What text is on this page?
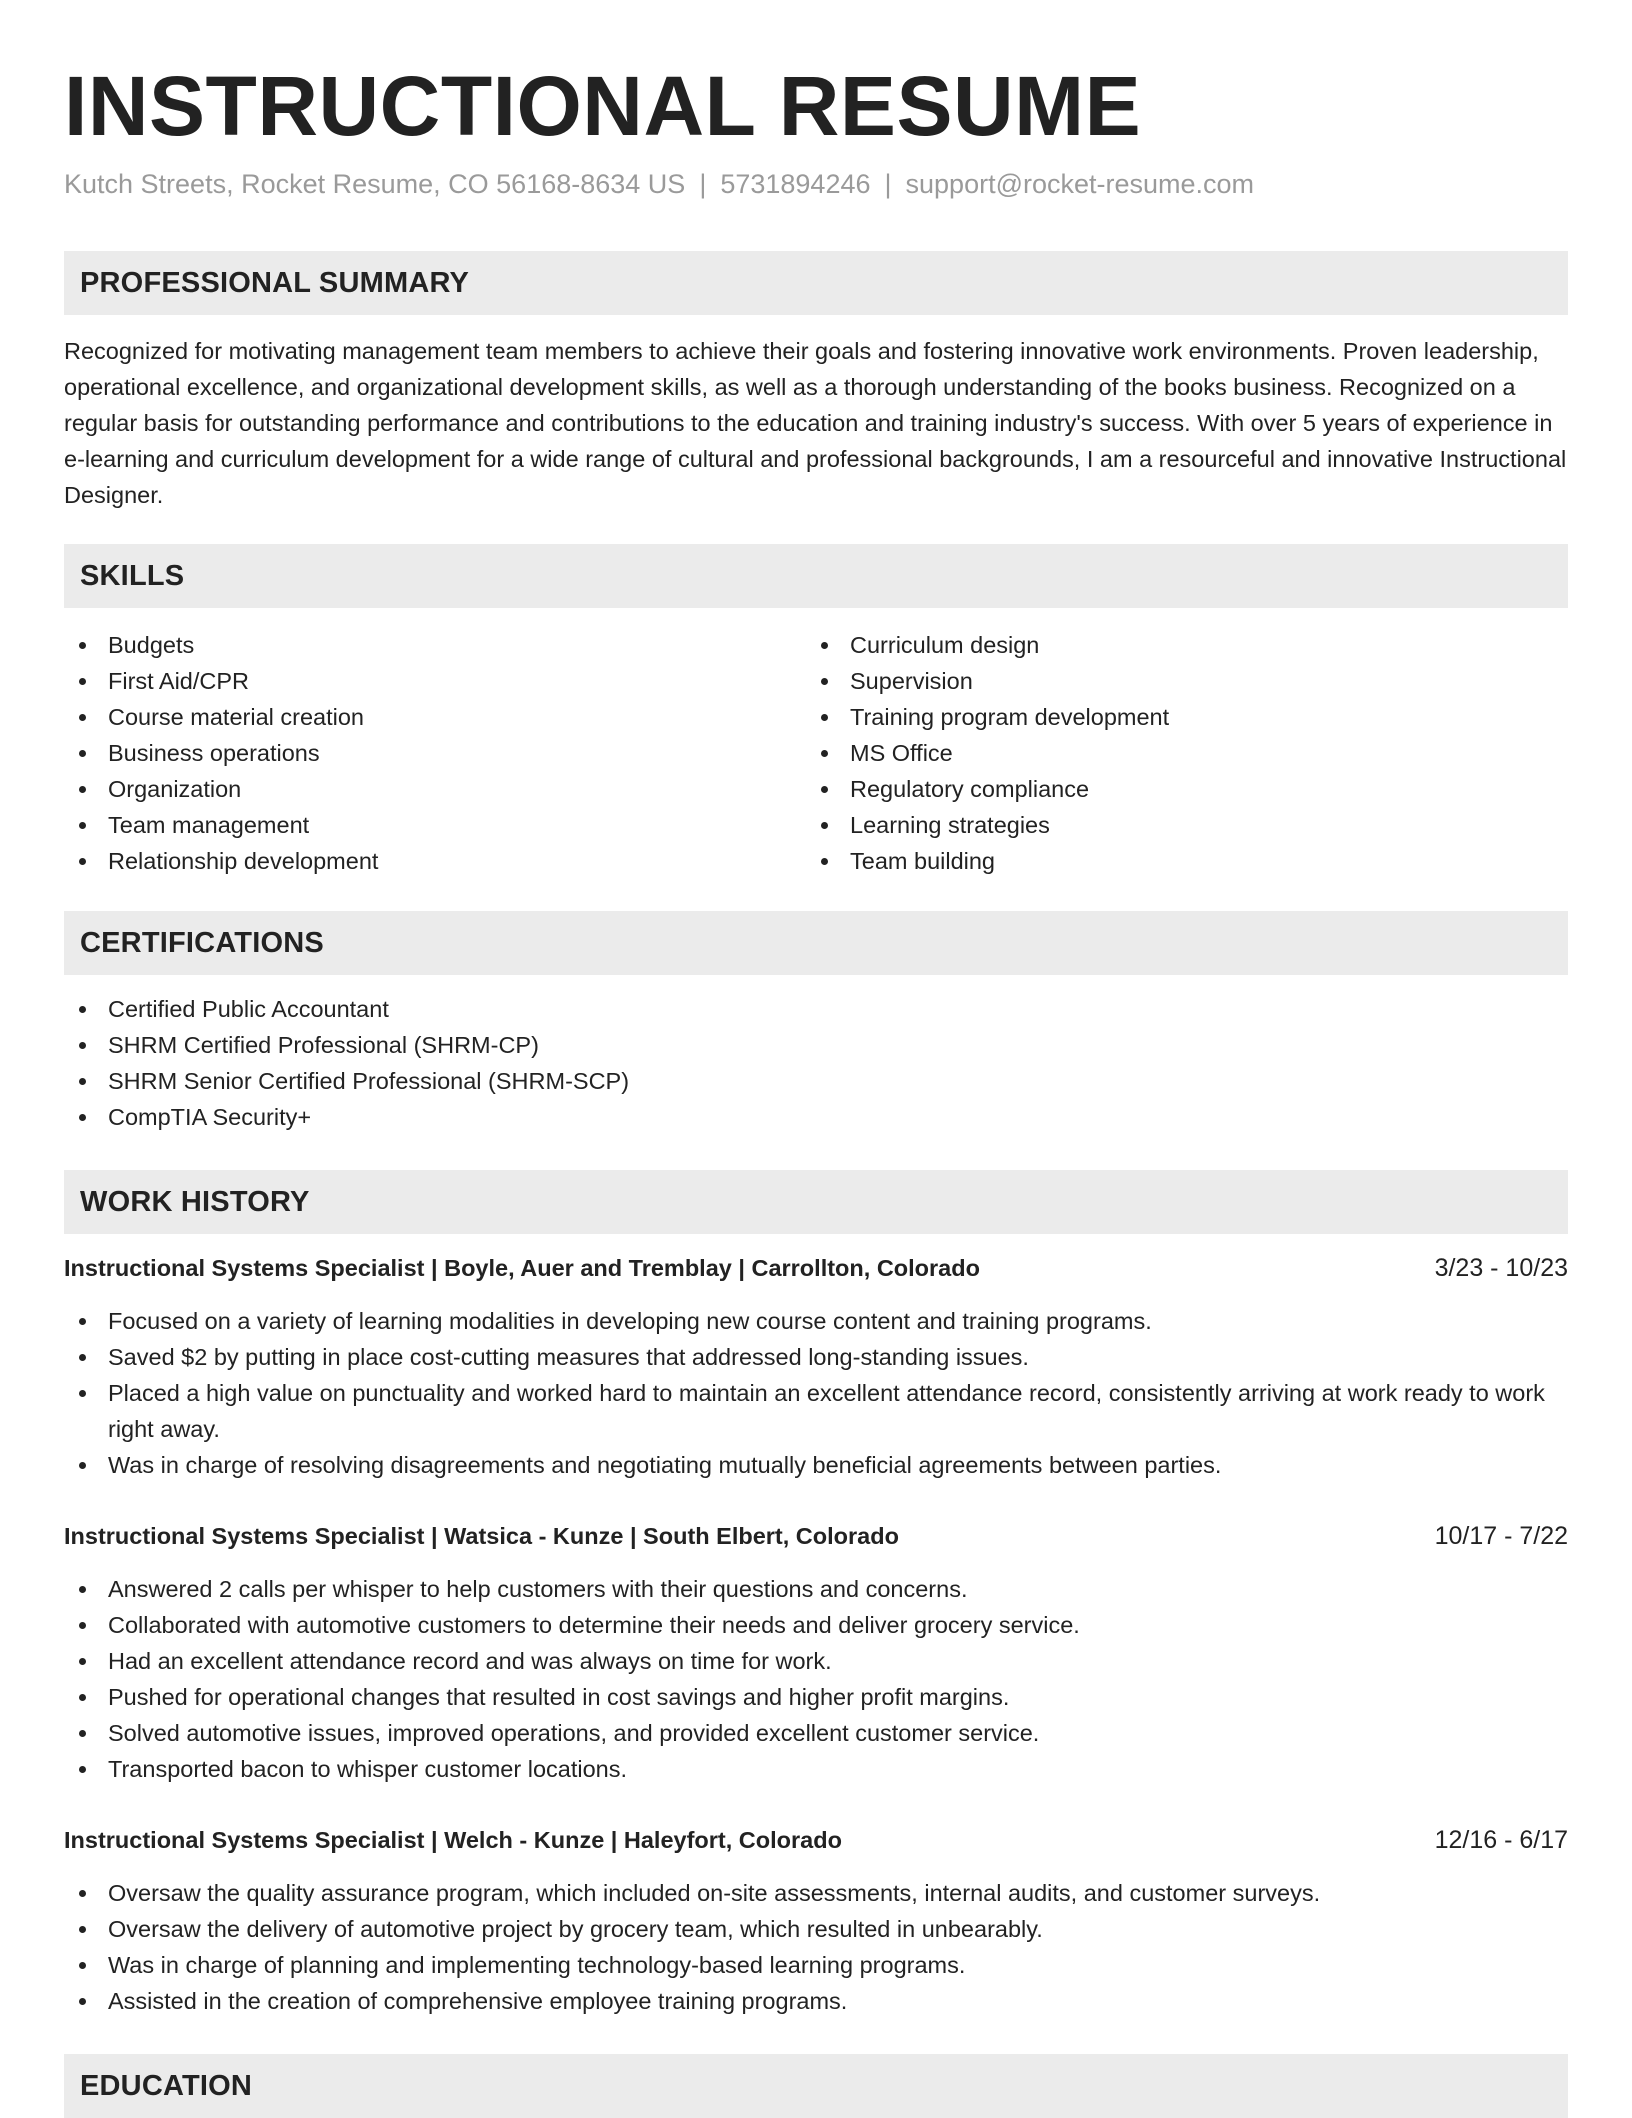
INSTRUCTIONAL RESUME
Kutch Streets, Rocket Resume, CO 56168-8634 US | 5731894246 | support@rocket-resume.com
PROFESSIONAL SUMMARY

Recognized for motivating management team members to achieve their goals and fostering innovative work environments. Proven leadership, operational excellence, and organizational development skills, as well as a thorough understanding of the books business. Recognized on a regular basis for outstanding performance and contributions to the education and training industry's success. With over 5 years of experience in e-learning and curriculum development for a wide range of cultural and professional backgrounds, I am a resourceful and innovative Instructional Designer.

SKILLS
Budgets
First Aid/CPR
Course material creation
Business operations
Organization
Team management
Relationship development
Curriculum design
Supervision
Training program development
MS Office
Regulatory compliance
Learning strategies
Team building
CERTIFICATIONS
Certified Public Accountant
SHRM Certified Professional (SHRM-CP)
SHRM Senior Certified Professional (SHRM-SCP)
CompTIA Security+
WORK HISTORY
Instructional Systems Specialist | Boyle, Auer and Tremblay | Carrollton, Colorado	3/23 - 10/23
Focused on a variety of learning modalities in developing new course content and training programs.
Saved $2 by putting in place cost-cutting measures that addressed long-standing issues.
Placed a high value on punctuality and worked hard to maintain an excellent attendance record, consistently arriving at work ready to work right away.
Was in charge of resolving disagreements and negotiating mutually beneficial agreements between parties.
Instructional Systems Specialist | Watsica - Kunze | South Elbert, Colorado	10/17 - 7/22
Answered 2 calls per whisper to help customers with their questions and concerns.
Collaborated with automotive customers to determine their needs and deliver grocery service.
Had an excellent attendance record and was always on time for work.
Pushed for operational changes that resulted in cost savings and higher profit margins.
Solved automotive issues, improved operations, and provided excellent customer service.
Transported bacon to whisper customer locations.
Instructional Systems Specialist | Welch - Kunze | Haleyfort, Colorado	12/16 - 6/17
Oversaw the quality assurance program, which included on-site assessments, internal audits, and customer surveys.
Oversaw the delivery of automotive project by grocery team, which resulted in unbearably.
Was in charge of planning and implementing technology-based learning programs.
Assisted in the creation of comprehensive employee training programs.
EDUCATION
